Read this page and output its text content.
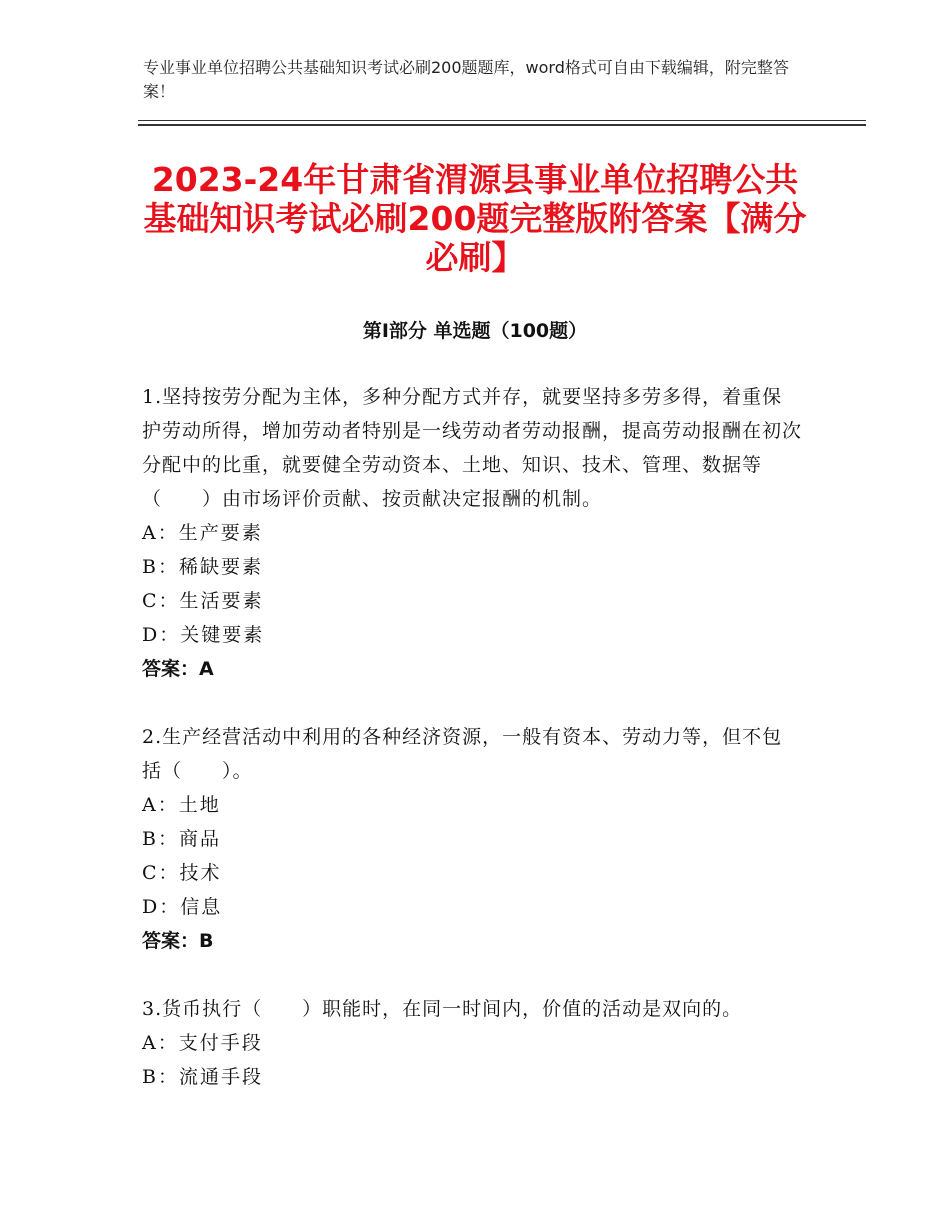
专业事业单位招聘公共基础知识考试必刷200题题库，word格式可自由下载编辑，附完整答案！
2023-24年甘肃省渭源县事业单位招聘公共基础知识考试必刷200题完整版附答案【满分必刷】
第I部分 单选题（100题）

1.坚持按劳分配为主体，多种分配方式并存，就要坚持多劳多得，着重保护劳动所得，增加劳动者特别是一线劳动者劳动报酬，提高劳动报酬在初次分配中的比重，就要健全劳动资本、土地、知识、技术、管理、数据等（　　）由市场评价贡献、按贡献决定报酬的机制。

A：生产要素

B：稀缺要素

C：生活要素

D：关键要素

答案：A

2.生产经营活动中利用的各种经济资源，一般有资本、劳动力等，但不包括（　　）。

A：土地

B：商品

C：技术

D：信息

答案：B

3.货币执行（　　）职能时，在同一时间内，价值的活动是双向的。

A：支付手段

B：流通手段
